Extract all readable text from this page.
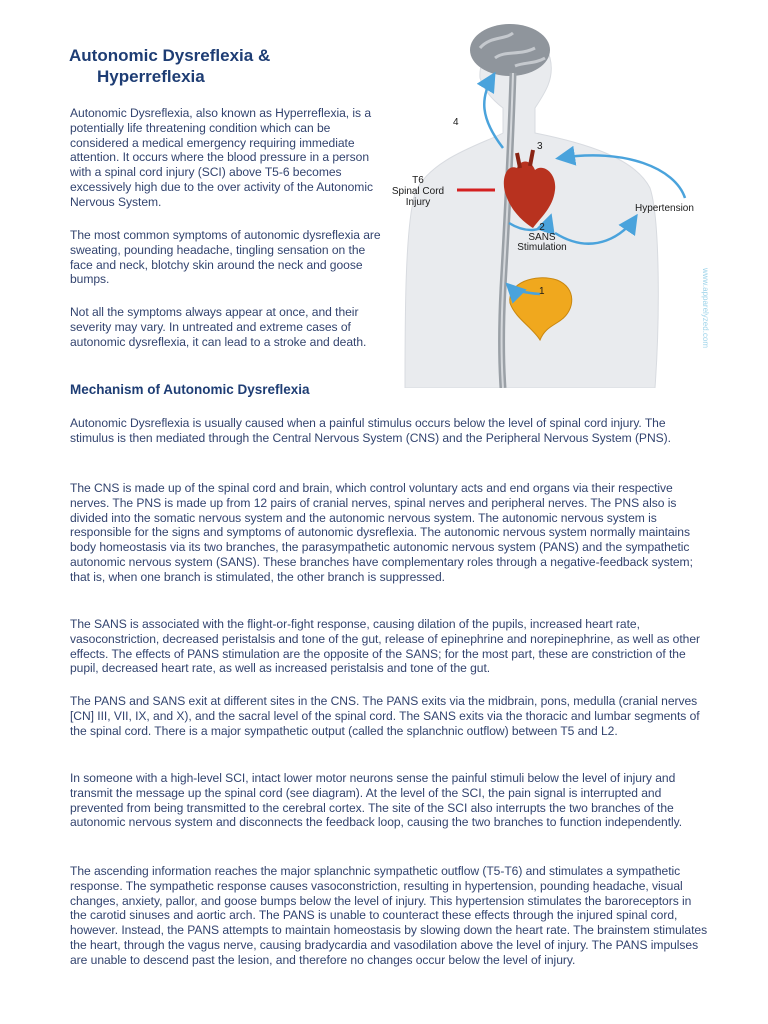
Autonomic Dysreflexia &
Hyperreflexia

Autonomic Dysreflexia, also known as Hyperreflexia, is a potentially life threatening condition which can be considered a medical emergency requiring immediate attention. It occurs where the blood pressure in a person with a spinal cord injury (SCI) above T5-6 becomes excessively high due to the over activity of the Autonomic Nervous System.

The most common symptoms of autonomic dysreflexia are sweating, pounding headache, tingling sensation on the face and neck, blotchy skin around the neck and goose bumps.

Not all the symptoms always appear at once, and their severity may vary. In untreated and extreme cases of autonomic dysreflexia, it can lead to a stroke and death.

T6
Spinal Cord
Injury
2
SANS
Stimulation
Hypertension
1
3
4
www.apparelyzed.com
Mechanism of Autonomic Dysreflexia

Autonomic Dysreflexia is usually caused when a painful stimulus occurs below the level of spinal cord injury. The stimulus is then mediated through the Central Nervous System (CNS) and the Peripheral Nervous System (PNS).

The CNS is made up of the spinal cord and brain, which control voluntary acts and end organs via their respective nerves. The PNS is made up from 12 pairs of cranial nerves, spinal nerves and peripheral nerves. The PNS also is divided into the somatic nervous system and the autonomic nervous system. The autonomic nervous system is responsible for the signs and symptoms of autonomic dysreflexia. The autonomic nervous system normally maintains body homeostasis via its two branches, the parasympathetic autonomic nervous system (PANS) and the sympathetic autonomic nervous system (SANS). These branches have complementary roles through a negative-feedback system; that is, when one branch is stimulated, the other branch is suppressed.

The SANS is associated with the flight-or-fight response, causing dilation of the pupils, increased heart rate, vasoconstriction, decreased peristalsis and tone of the gut, release of epinephrine and norepinephrine, as well as other effects. The effects of PANS stimulation are the opposite of the SANS; for the most part, these are constriction of the pupil, decreased heart rate, as well as increased peristalsis and tone of the gut.

The PANS and SANS exit at different sites in the CNS. The PANS exits via the midbrain, pons, medulla (cranial nerves [CN] III, VII, IX, and X), and the sacral level of the spinal cord. The SANS exits via the thoracic and lumbar segments of the spinal cord. There is a major sympathetic output (called the splanchnic outflow) between T5 and L2.

In someone with a high-level SCI, intact lower motor neurons sense the painful stimuli below the level of injury and transmit the message up the spinal cord (see diagram). At the level of the SCI, the pain signal is interrupted and prevented from being transmitted to the cerebral cortex. The site of the SCI also interrupts the two branches of the autonomic nervous system and disconnects the feedback loop, causing the two branches to function independently.

The ascending information reaches the major splanchnic sympathetic outflow (T5-T6) and stimulates a sympathetic response. The sympathetic response causes vasoconstriction, resulting in hypertension, pounding headache, visual changes, anxiety, pallor, and goose bumps below the level of injury. This hypertension stimulates the baroreceptors in the carotid sinuses and aortic arch. The PANS is unable to counteract these effects through the injured spinal cord, however. Instead, the PANS attempts to maintain homeostasis by slowing down the heart rate. The brainstem stimulates the heart, through the vagus nerve, causing bradycardia and vasodilation above the level of injury. The PANS impulses are unable to descend past the lesion, and therefore no changes occur below the level of injury.
